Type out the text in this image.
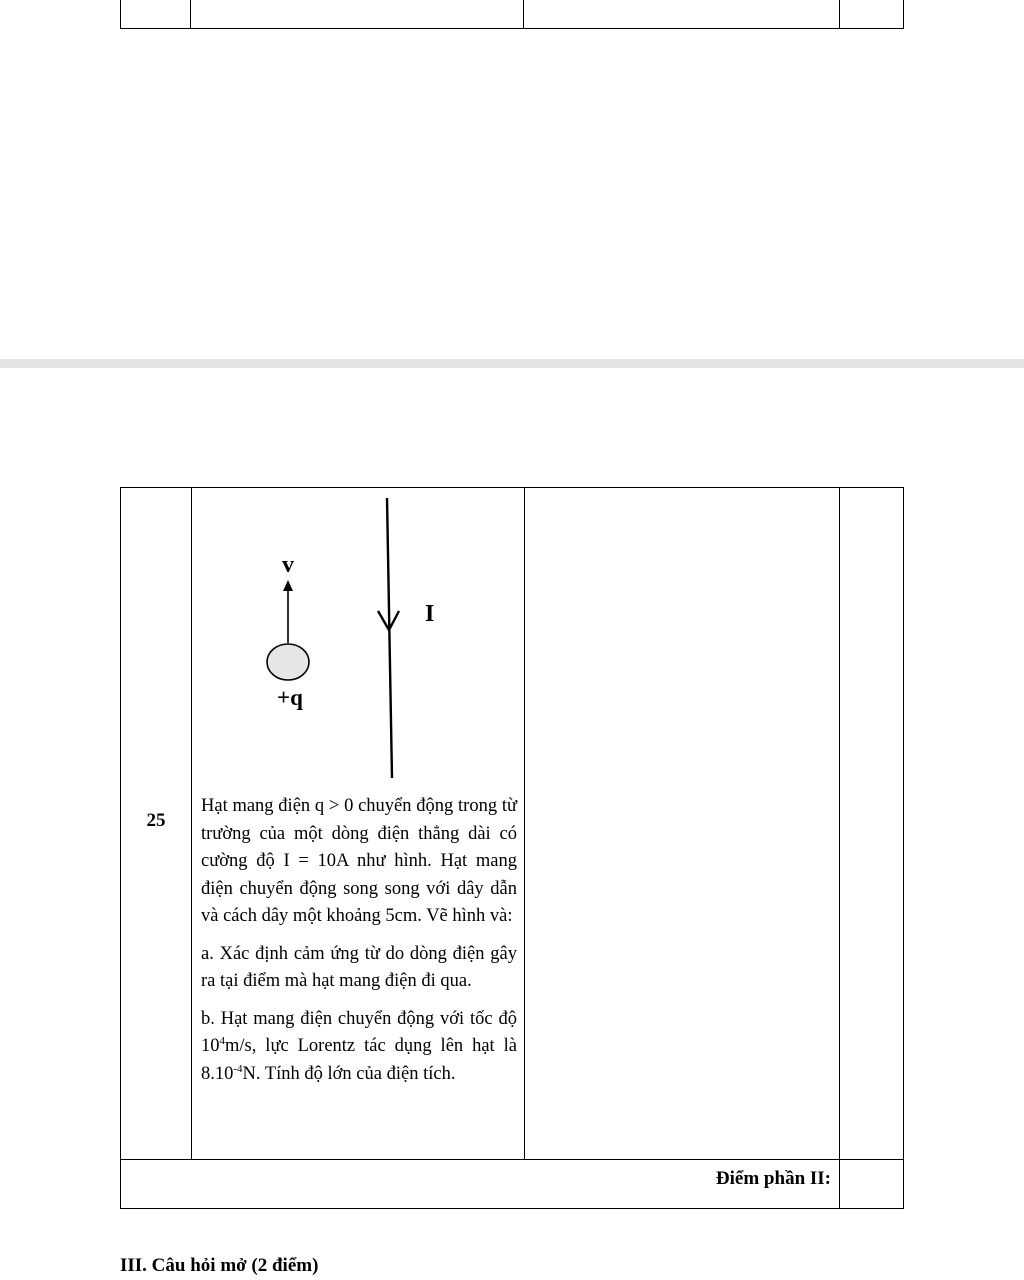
25
v
+q
I

Hạt mang điện q > 0 chuyển động trong từ trường của một dòng điện thẳng dài có cường độ I = 10A như hình. Hạt mang điện chuyển động song song với dây dẫn và cách dây một khoảng 5cm. Vẽ hình và:

a. Xác định cảm ứng từ do dòng điện gây ra tại điểm mà hạt mang điện đi qua.

b. Hạt mang điện chuyển động với tốc độ $10^4m/s$, lực Lorentz tác dụng lên hạt là $8.10^{-4}N$. Tính độ lớn của điện tích.

Điểm phần II:
III. Câu hỏi mở (2 điểm)
